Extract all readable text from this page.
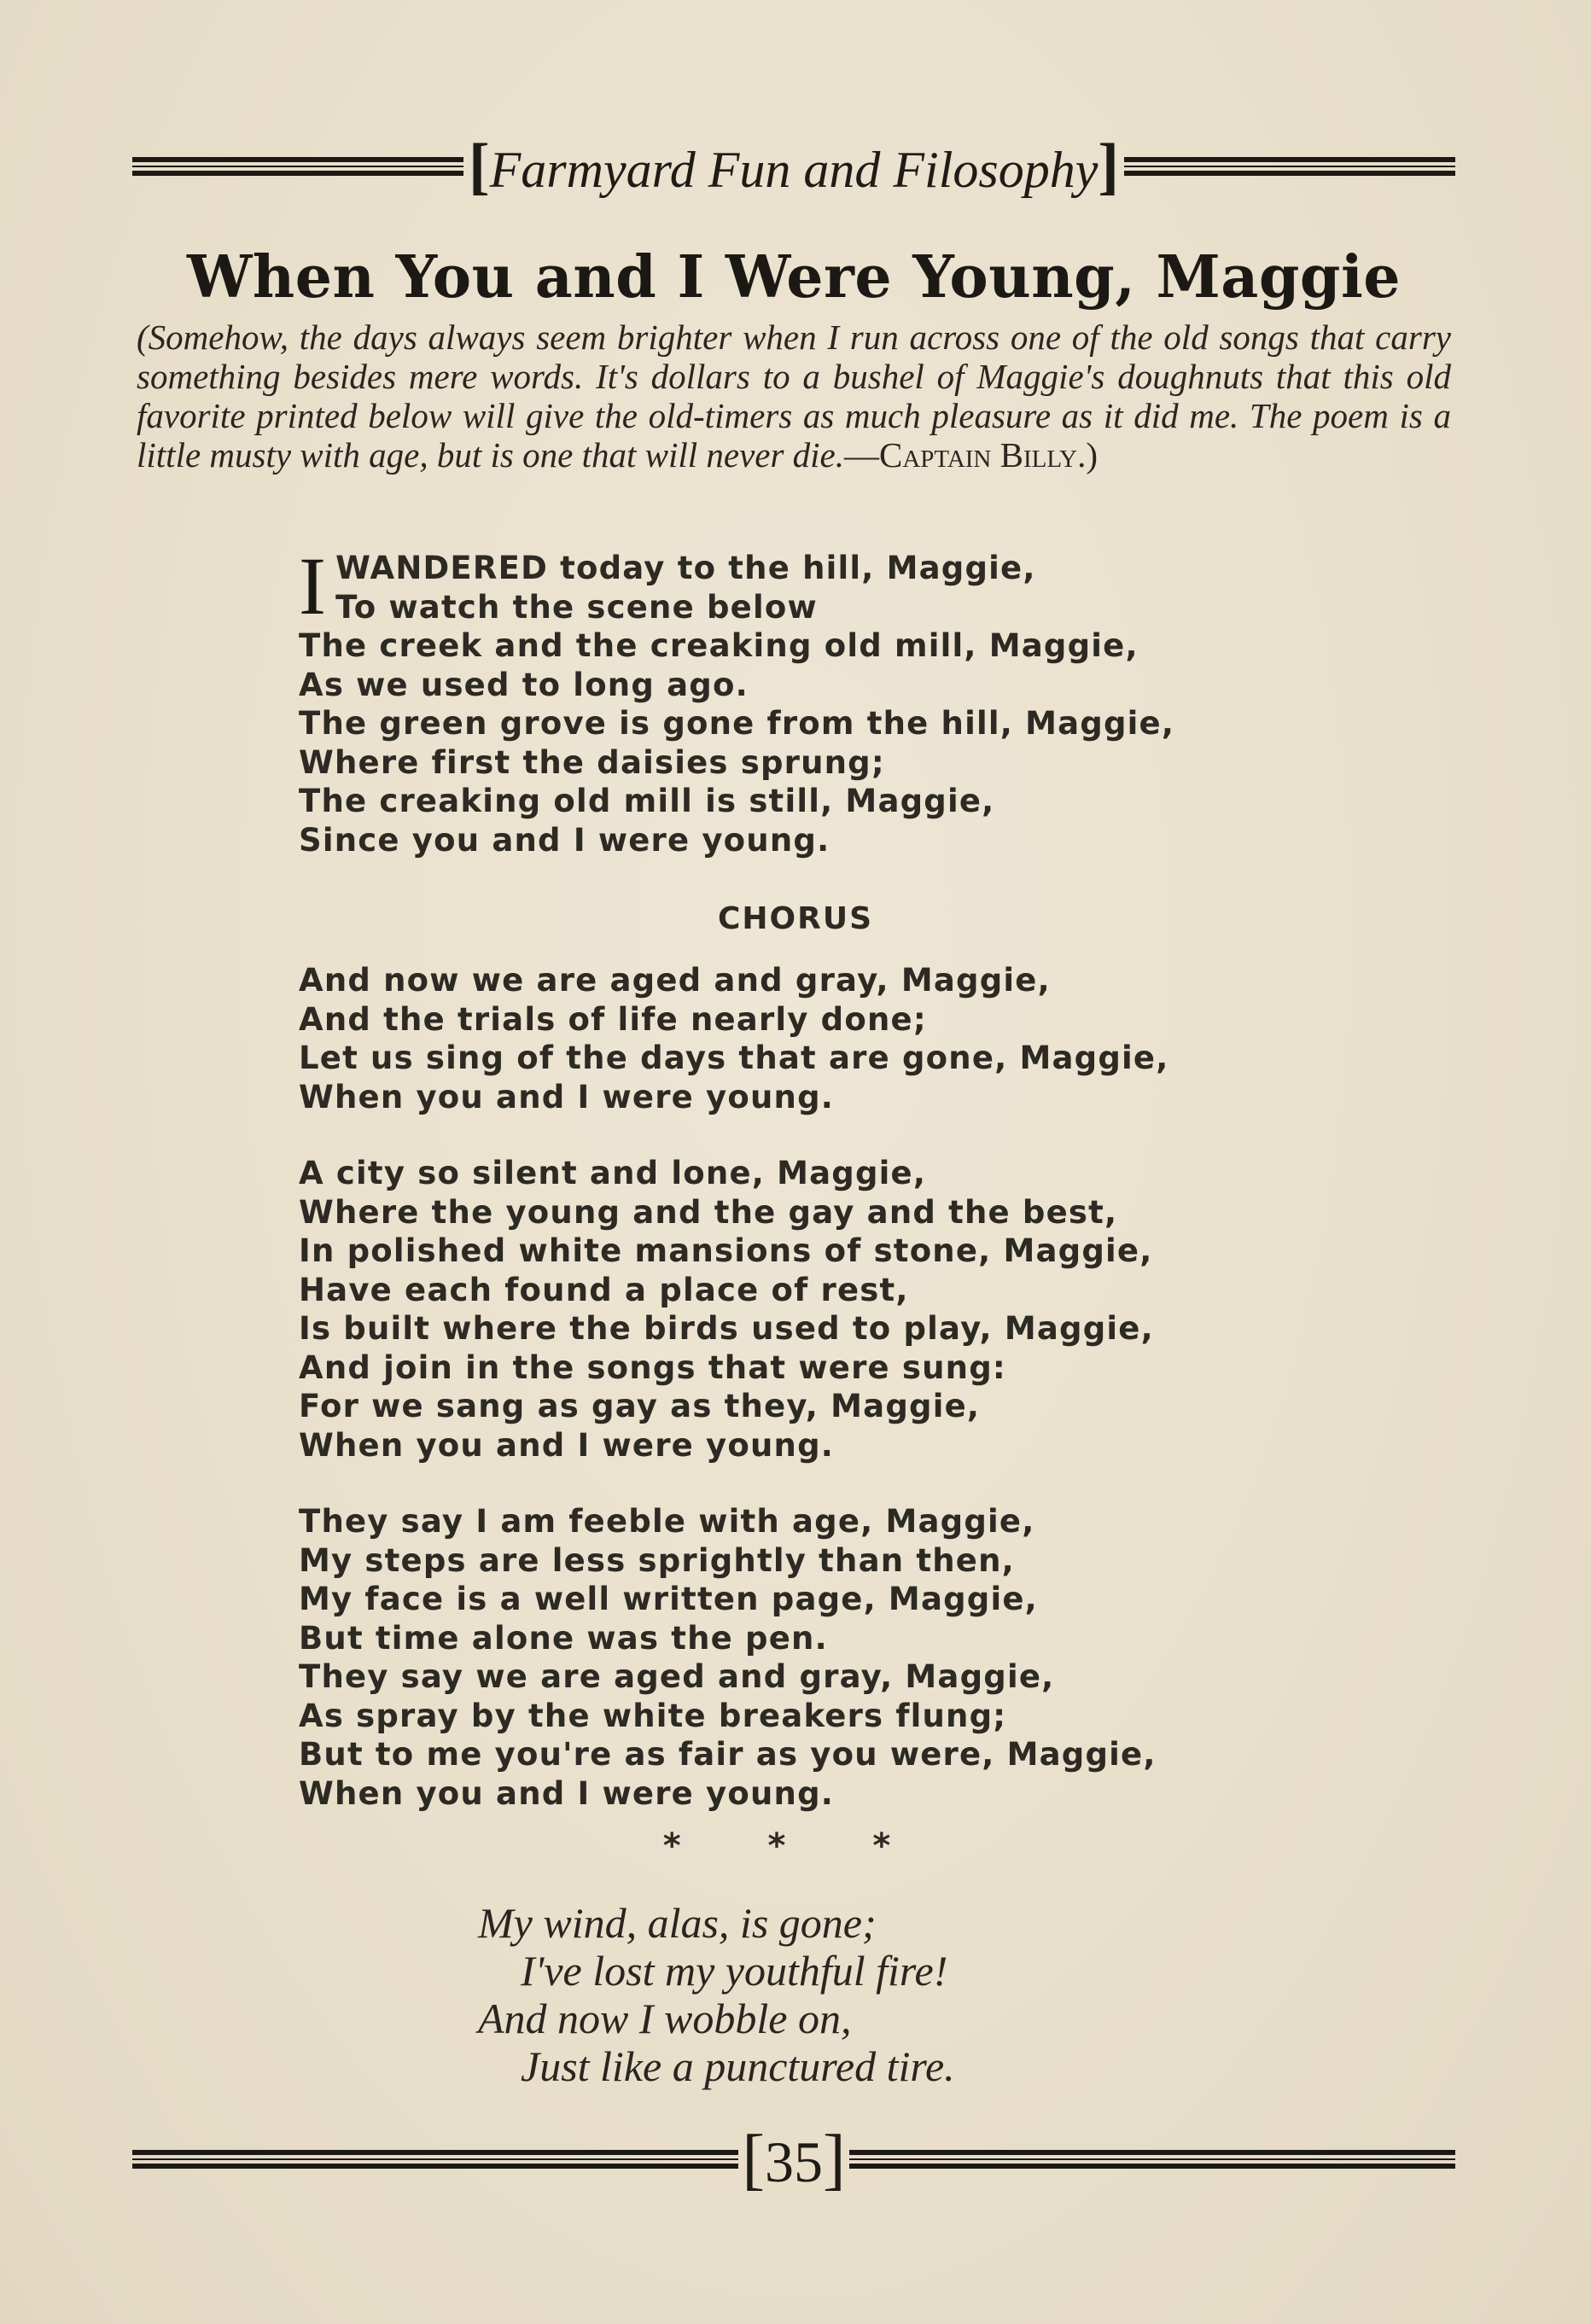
[Farmyard Fun and Filosophy]
When You and I Were Young, Maggie
(Somehow, the days always seem brighter when I run across one of the old songs that carry something besides mere words. It's dollars to a bushel of Maggie's doughnuts that this old favorite printed below will give the old-timers as much pleasure as it did me. The poem is a little musty with age, but is one that will never die.—Captain Billy.)
I WANDERED today to the hill, Maggie,
To watch the scene below
The creek and the creaking old mill, Maggie,
As we used to long ago.
The green grove is gone from the hill, Maggie,
Where first the daisies sprung;
The creaking old mill is still, Maggie,
Since you and I were young.
CHORUS
And now we are aged and gray, Maggie,
And the trials of life nearly done;
Let us sing of the days that are gone, Maggie,
When you and I were young.
A city so silent and lone, Maggie,
Where the young and the gay and the best,
In polished white mansions of stone, Maggie,
Have each found a place of rest,
Is built where the birds used to play, Maggie,
And join in the songs that were sung:
For we sang as gay as they, Maggie,
When you and I were young.
They say I am feeble with age, Maggie,
My steps are less sprightly than then,
My face is a well written page, Maggie,
But time alone was the pen.
They say we are aged and gray, Maggie,
As spray by the white breakers flung;
But to me you're as fair as you were, Maggie,
When you and I were young.
* * *
My wind, alas, is gone;
I've lost my youthful fire!
And now I wobble on,
Just like a punctured tire.
[35]
